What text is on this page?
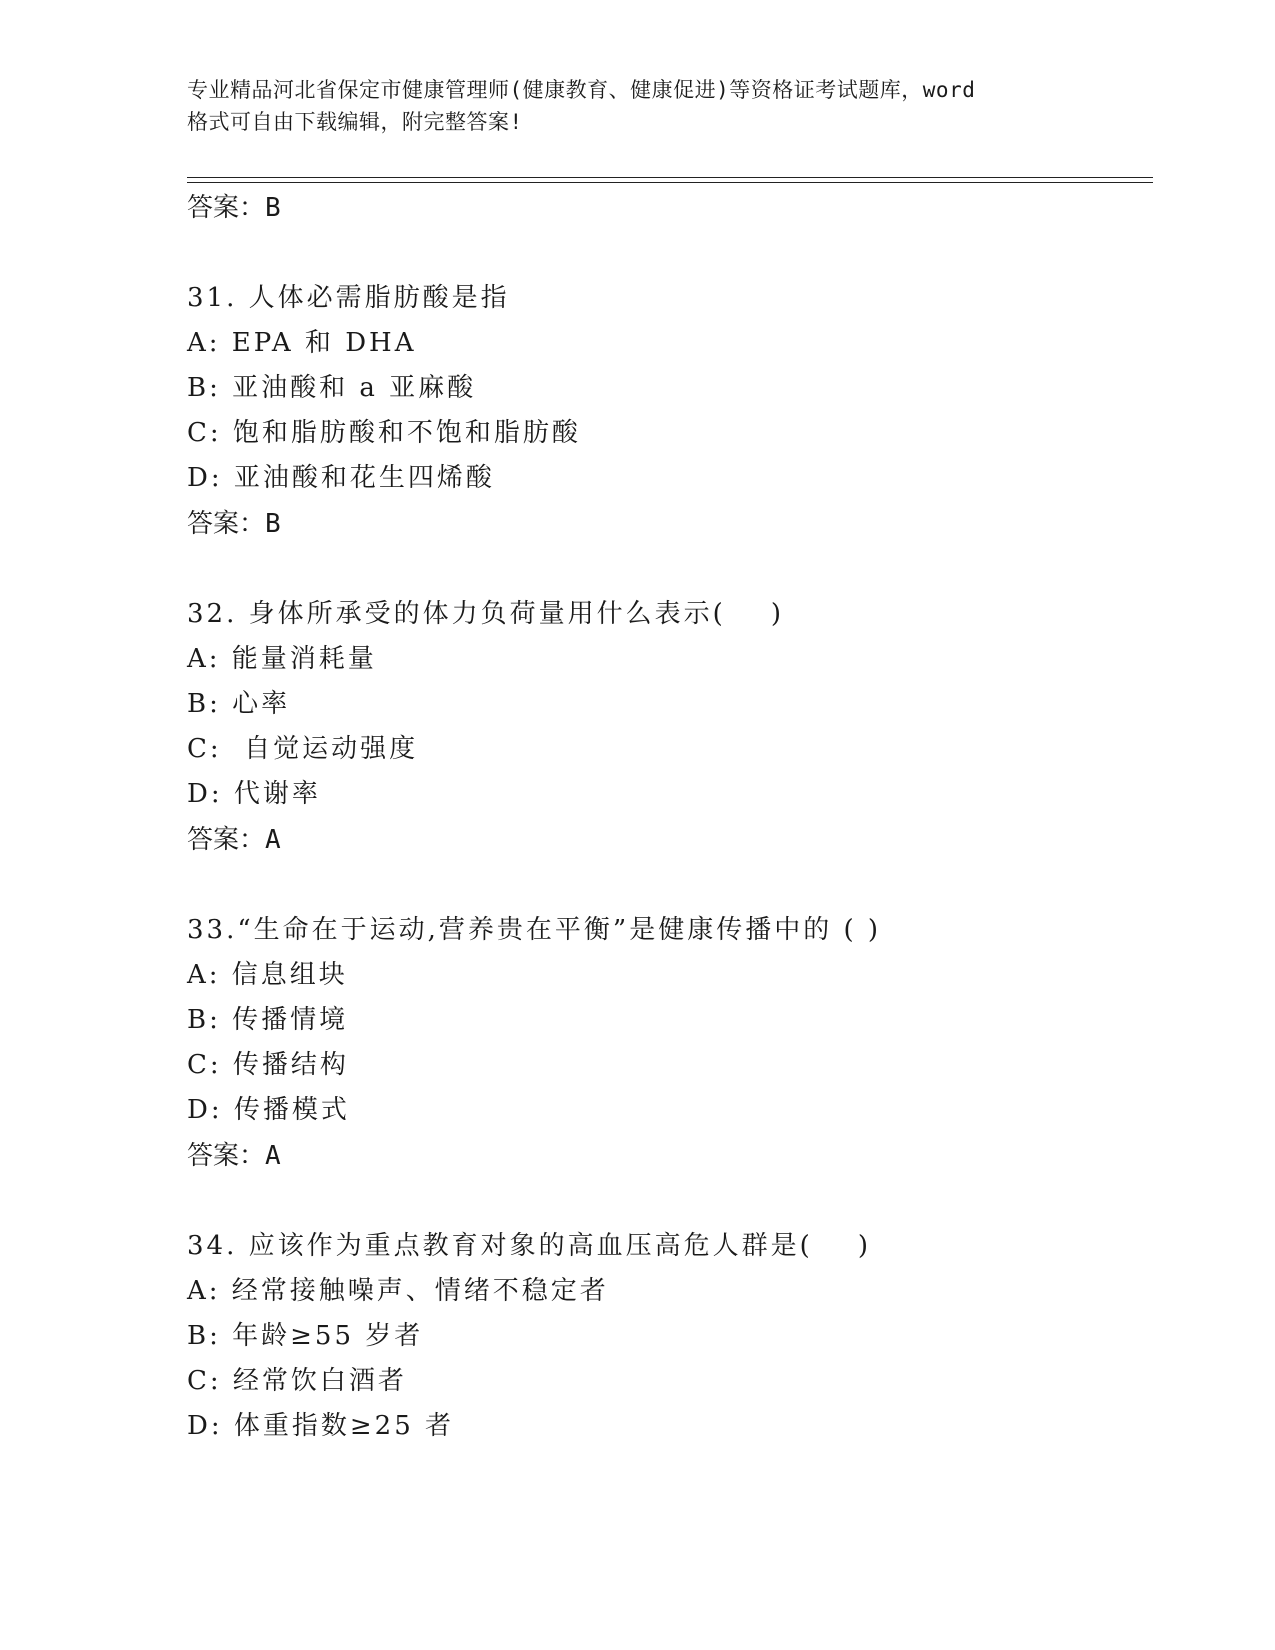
专业精品河北省保定市健康管理师(健康教育、健康促进)等资格证考试题库，word
格式可自由下载编辑，附完整答案!
答案：B
31. 人体必需脂肪酸是指
A: EPA 和 DHA
B: 亚油酸和 a 亚麻酸
C: 饱和脂肪酸和不饱和脂肪酸
D: 亚油酸和花生四烯酸
答案：B
32. 身体所承受的体力负荷量用什么表示(    )
A: 能量消耗量
B: 心率
C:  自觉运动强度
D: 代谢率
答案：A
33.“生命在于运动,营养贵在平衡”是健康传播中的 ( )
A: 信息组块
B: 传播情境
C: 传播结构
D: 传播模式
答案：A
34. 应该作为重点教育对象的高血压高危人群是(    )
A: 经常接触噪声、情绪不稳定者
B: 年龄≥55 岁者
C: 经常饮白酒者
D: 体重指数≥25 者
